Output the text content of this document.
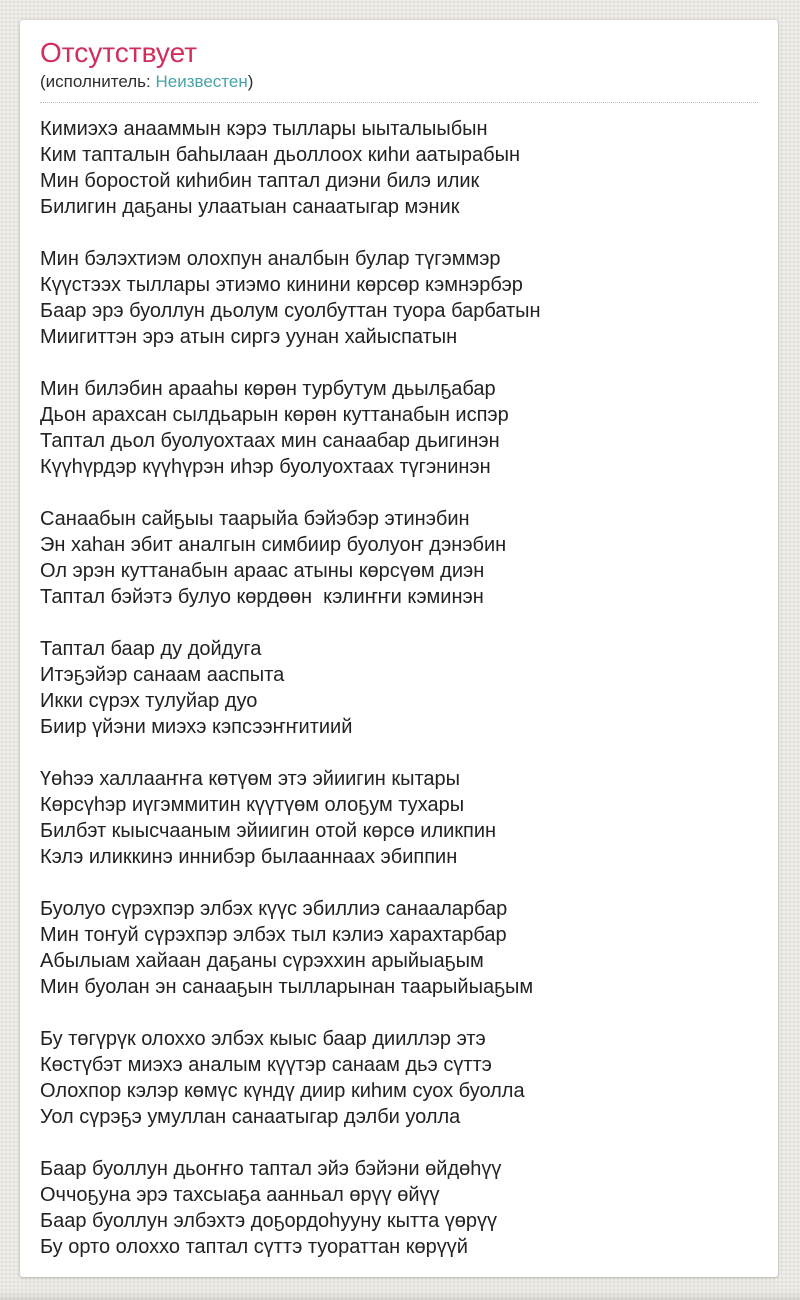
Отсутствует
(исполнитель: Неизвестен)

Кимиэхэ анааммын кэрэ тыллары ыыталыыбын
Ким тапталын баһылаан дьоллоох киһи аатырабын
Мин боростой киһибин таптал диэни билэ илик
Билигин даҕаны улаатыан санаатыгар мэник

Мин бэлэхтиэм олохпун аналбын булар түгэммэр
Күүстээх тыллары этиэмо кинини көрсөр кэмнэрбэр
Баар эрэ буоллун дьолум суолбуттан туора барбатын
Миигиттэн эрэ атын сиргэ уунан хайыспатын

Мин билэбин арааһы көрөн турбутум дьылҕабар
Дьон арахсан сылдьарын көрөн куттанабын испэр
Таптал дьол буолуохтаах мин санаабар дьигинэн
Күүһүрдэр күүһүрэн иһэр буолуохтаах түгэнинэн

Санаабын сайҕыы таарыйа бэйэбэр этинэбин
Эн хаһан эбит аналгын симбиир буолуоҥ дэнэбин
Ол эрэн куттанабын араас атыны көрсүөм диэн
Таптал бэйэтэ булуо көрдөөн  кэлиҥҥи кэминэн

Таптал баар ду дойдуга
Итэҕэйэр санаам ааспыта
Икки сүрэх тулуйар дуо
Биир үйэни миэхэ кэпсээҥҥитиий

Үөһээ халлааҥҥа көтүөм этэ эйиигин кытары
Көрсүһэр иүгэммитин күүтүөм олоҕум тухары
Билбэт кыысчааным эйиигин отой көрсө иликпин
Кэлэ иликкинэ иннибэр былааннаах эбиппин

Буолуо сүрэхпэр элбэх күүс эбиллиэ санааларбар
Мин тоҥуй сүрэхпэр элбэх тыл кэлиэ харахтарбар
Абылыам хайаан даҕаны сүрэххин арыйыаҕым
Мин буолан эн санааҕын тылларынан таарыйыаҕым

Бу төгүрүк олоххо элбэх кыыс баар дииллэр этэ
Көстүбэт миэхэ аналым күүтэр санаам дьэ сүттэ
Олохпор кэлэр көмүс күндү диир киһим суох буолла
Уол сүрэҕэ умуллан санаатыгар дэлби уолла

Баар буоллун дьоҥҥо таптал эйэ бэйэни өйдөһүү
Оччоҕуна эрэ тахсыаҕа аанньал өрүү өйүү
Баар буоллун элбэхтэ доҕордоһууну кытта үөрүү
Бу орто олоххо таптал сүттэ туораттан көрүүй
